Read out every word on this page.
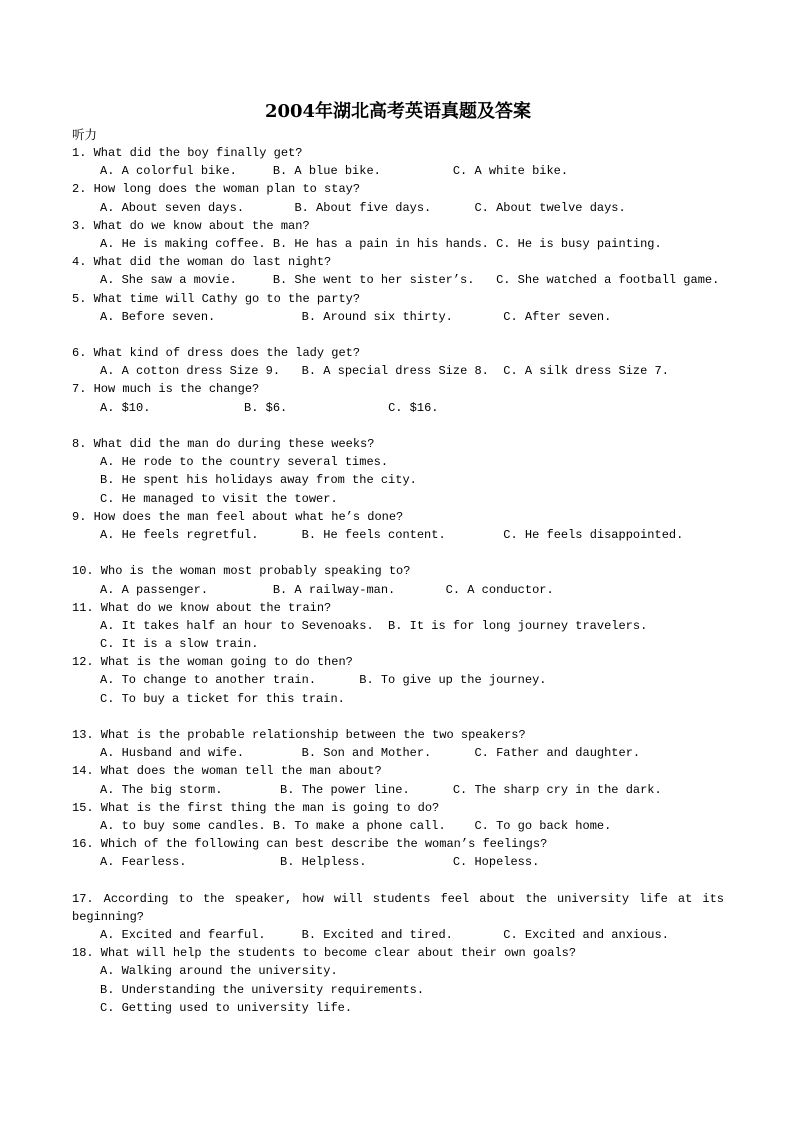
2004年湖北高考英语真题及答案
听力
1. What did the boy finally get?
A. A colorful bike.     B. A blue bike.          C. A white bike.
2. How long does the woman plan to stay?
A. About seven days.       B. About five days.      C. About twelve days.
3. What do we know about the man?
A. He is making coffee. B. He has a pain in his hands. C. He is busy painting.
4. What did the woman do last night?
A. She saw a movie.     B. She went to her sister’s.   C. She watched a football game.
5. What time will Cathy go to the party?
A. Before seven.            B. Around six thirty.       C. After seven.
6. What kind of dress does the lady get?
A. A cotton dress Size 9.   B. A special dress Size 8.  C. A silk dress Size 7.
7. How much is the change?
A. $10.             B. $6.              C. $16.
8. What did the man do during these weeks?
A. He rode to the country several times.
B. He spent his holidays away from the city.
C. He managed to visit the tower.
9. How does the man feel about what he’s done?
A. He feels regretful.      B. He feels content.        C. He feels disappointed.
10. Who is the woman most probably speaking to?
A. A passenger.         B. A railway-man.       C. A conductor.
11. What do we know about the train?
A. It takes half an hour to Sevenoaks.  B. It is for long journey travelers.
C. It is a slow train.
12. What is the woman going to do then?
A. To change to another train.      B. To give up the journey.
C. To buy a ticket for this train.
13. What is the probable relationship between the two speakers?
A. Husband and wife.        B. Son and Mother.      C. Father and daughter.
14. What does the woman tell the man about?
A. The big storm.        B. The power line.      C. The sharp cry in the dark.
15. What is the first thing the man is going to do?
A. to buy some candles. B. To make a phone call.    C. To go back home.
16. Which of the following can best describe the woman’s feelings?
A. Fearless.             B. Helpless.            C. Hopeless.
17. According to the speaker, how will students feel about the university life at its beginning?
A. Excited and fearful.     B. Excited and tired.       C. Excited and anxious.
18. What will help the students to become clear about their own goals?
A. Walking around the university.
B. Understanding the university requirements.
C. Getting used to university life.
